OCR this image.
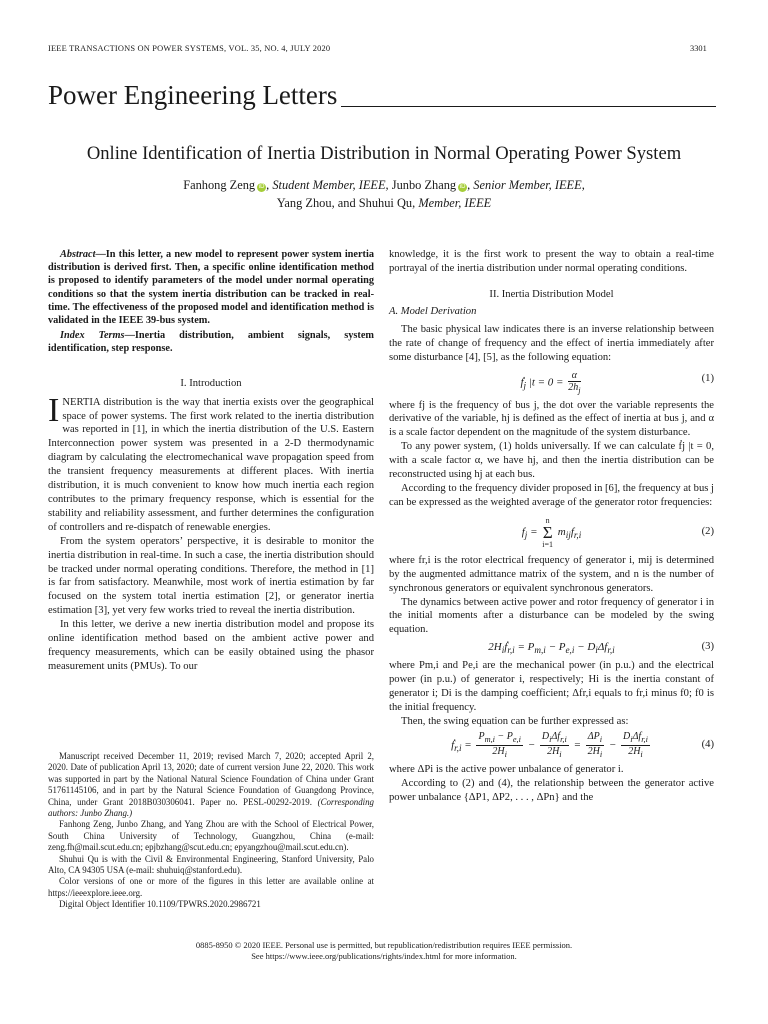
IEEE TRANSACTIONS ON POWER SYSTEMS, VOL. 35, NO. 4, JULY 2020	3301
Power Engineering Letters
Online Identification of Inertia Distribution in Normal Operating Power System
Fanhong Zeng iD , Student Member, IEEE, Junbo Zhang iD , Senior Member, IEEE,
Yang Zhou, and Shuhui Qu, Member, IEEE

Abstract—In this letter, a new model to represent power system inertia distribution is derived first. Then, a specific online identification method is proposed to identify parameters of the model under normal operating conditions so that the system inertia distribution can be tracked in real-time. The effectiveness of the proposed model and identification method is validated in the IEEE 39-bus system.

Index Terms—Inertia distribution, ambient signals, system identification, step response.

I. Introduction

INERTIA distribution is the way that inertia exists over the geographical space of power systems. The first work related to the inertia distribution was reported in [1], in which the inertia distribution of the U.S. Eastern Interconnection power system was presented in a 2-D thermodynamic diagram by calculating the electromechanical wave propagation speed from the transient frequency measurements at different places. With inertia distribution, it is much convenient to know how much inertia each region contributes to the primary frequency response, which is essential for the stability and reliability assessment, and further determines the configuration of controllers and re-dispatch of renewable energies.

From the system operators’ perspective, it is desirable to monitor the inertia distribution in real-time. In such a case, the inertia distribution should be tracked under normal operating conditions. Therefore, the method in [1] is far from satisfactory. Meanwhile, most work of inertia estimation by far focused on the system total inertia estimation [2], or generator inertia estimation [3], yet very few works tried to reveal the inertia distribution.

In this letter, we derive a new inertia distribution model and propose its online identification method based on the ambient active power and frequency measurements, which can be easily obtained using the phasor measurement units (PMUs). To our

Manuscript received December 11, 2019; revised March 7, 2020; accepted April 2, 2020. Date of publication April 13, 2020; date of current version June 22, 2020. This work was supported in part by the National Natural Science Foundation of China under Grant 51761145106, and in part by the Natural Science Foundation of Guangdong Province, China, under Grant 2018B030306041. Paper no. PESL-00292-2019. (Corresponding authors: Junbo Zhang.)

Fanhong Zeng, Junbo Zhang, and Yang Zhou are with the School of Electrical Power, South China University of Technology, Guangzhou, China (e-mail: zeng.fh@mail.scut.edu.cn; epjbzhang@scut.edu.cn; epyangzhou@mail.scut.edu.cn).

Shuhui Qu is with the Civil & Environmental Engineering, Stanford University, Palo Alto, CA 94305 USA (e-mail: shuhuiq@stanford.edu).

Color versions of one or more of the figures in this letter are available online at https://ieeexplore.ieee.org.

Digital Object Identifier 10.1109/TPWRS.2020.2986721

knowledge, it is the first work to present the way to obtain a real-time portrayal of the inertia distribution under normal operating conditions.

II. Inertia Distribution Model

A. Model Derivation

The basic physical law indicates there is an inverse relationship between the rate of change of frequency and the effect of inertia immediately after some disturbance [4], [5], as the following equation:

ḟ$_j$ $|t = 0 = \frac{\alpha}{2h_j}$	(1)

where fj is the frequency of bus j, the dot over the variable represents the derivative of the variable, hj is defined as the effect of inertia at bus j, and α is a scale factor dependent on the magnitude of the system disturbance.

To any power system, (1) holds universally. If we can calculate ḟj |t = 0, with a scale factor α, we have hj, and then the inertia distribution can be reconstructed using hj at each bus.

According to the frequency divider proposed in [6], the frequency at bus j can be expressed as the weighted average of the generator rotor frequencies:

$f_j$ =
n
Σ
i=1
$m_{ij}f_{r,i}$	(2)

where fr,i is the rotor electrical frequency of generator i, mij is determined by the augmented admittance matrix of the system, and n is the number of synchronous generators or equivalent synchronous generators.

The dynamics between active power and rotor frequency of generator i in the initial moments after a disturbance can be modeled by the swing equation.

$2H_iḟ_{r,i} = P_{m,i} - P_{e,i} - D_i\Delta f_{r,i}$	(3)

where Pm,i and Pe,i are the mechanical power (in p.u.) and the electrical power (in p.u.) of generator i, respectively; Hi is the inertia constant of generator i; Di is the damping coefficient; Δfr,i equals to fr,i minus f0; f0 is the initial frequency.

Then, the swing equation can be further expressed as:

ḟ$_{r,i}$ = $\frac{P_{m,i} - P_{e,i}}{2H_i} - \frac{D_i\Delta f_{r,i}}{2H_i} = \frac{\Delta P_i}{2H_i} - \frac{D_i\Delta f_{r,i}}{2H_i}$	(4)

where ΔPi is the active power unbalance of generator i.

According to (2) and (4), the relationship between the generator active power unbalance {ΔP1, ΔP2, . . . , ΔPn} and the

0885-8950 © 2020 IEEE. Personal use is permitted, but republication/redistribution requires IEEE permission.
See https://www.ieee.org/publications/rights/index.html for more information.
